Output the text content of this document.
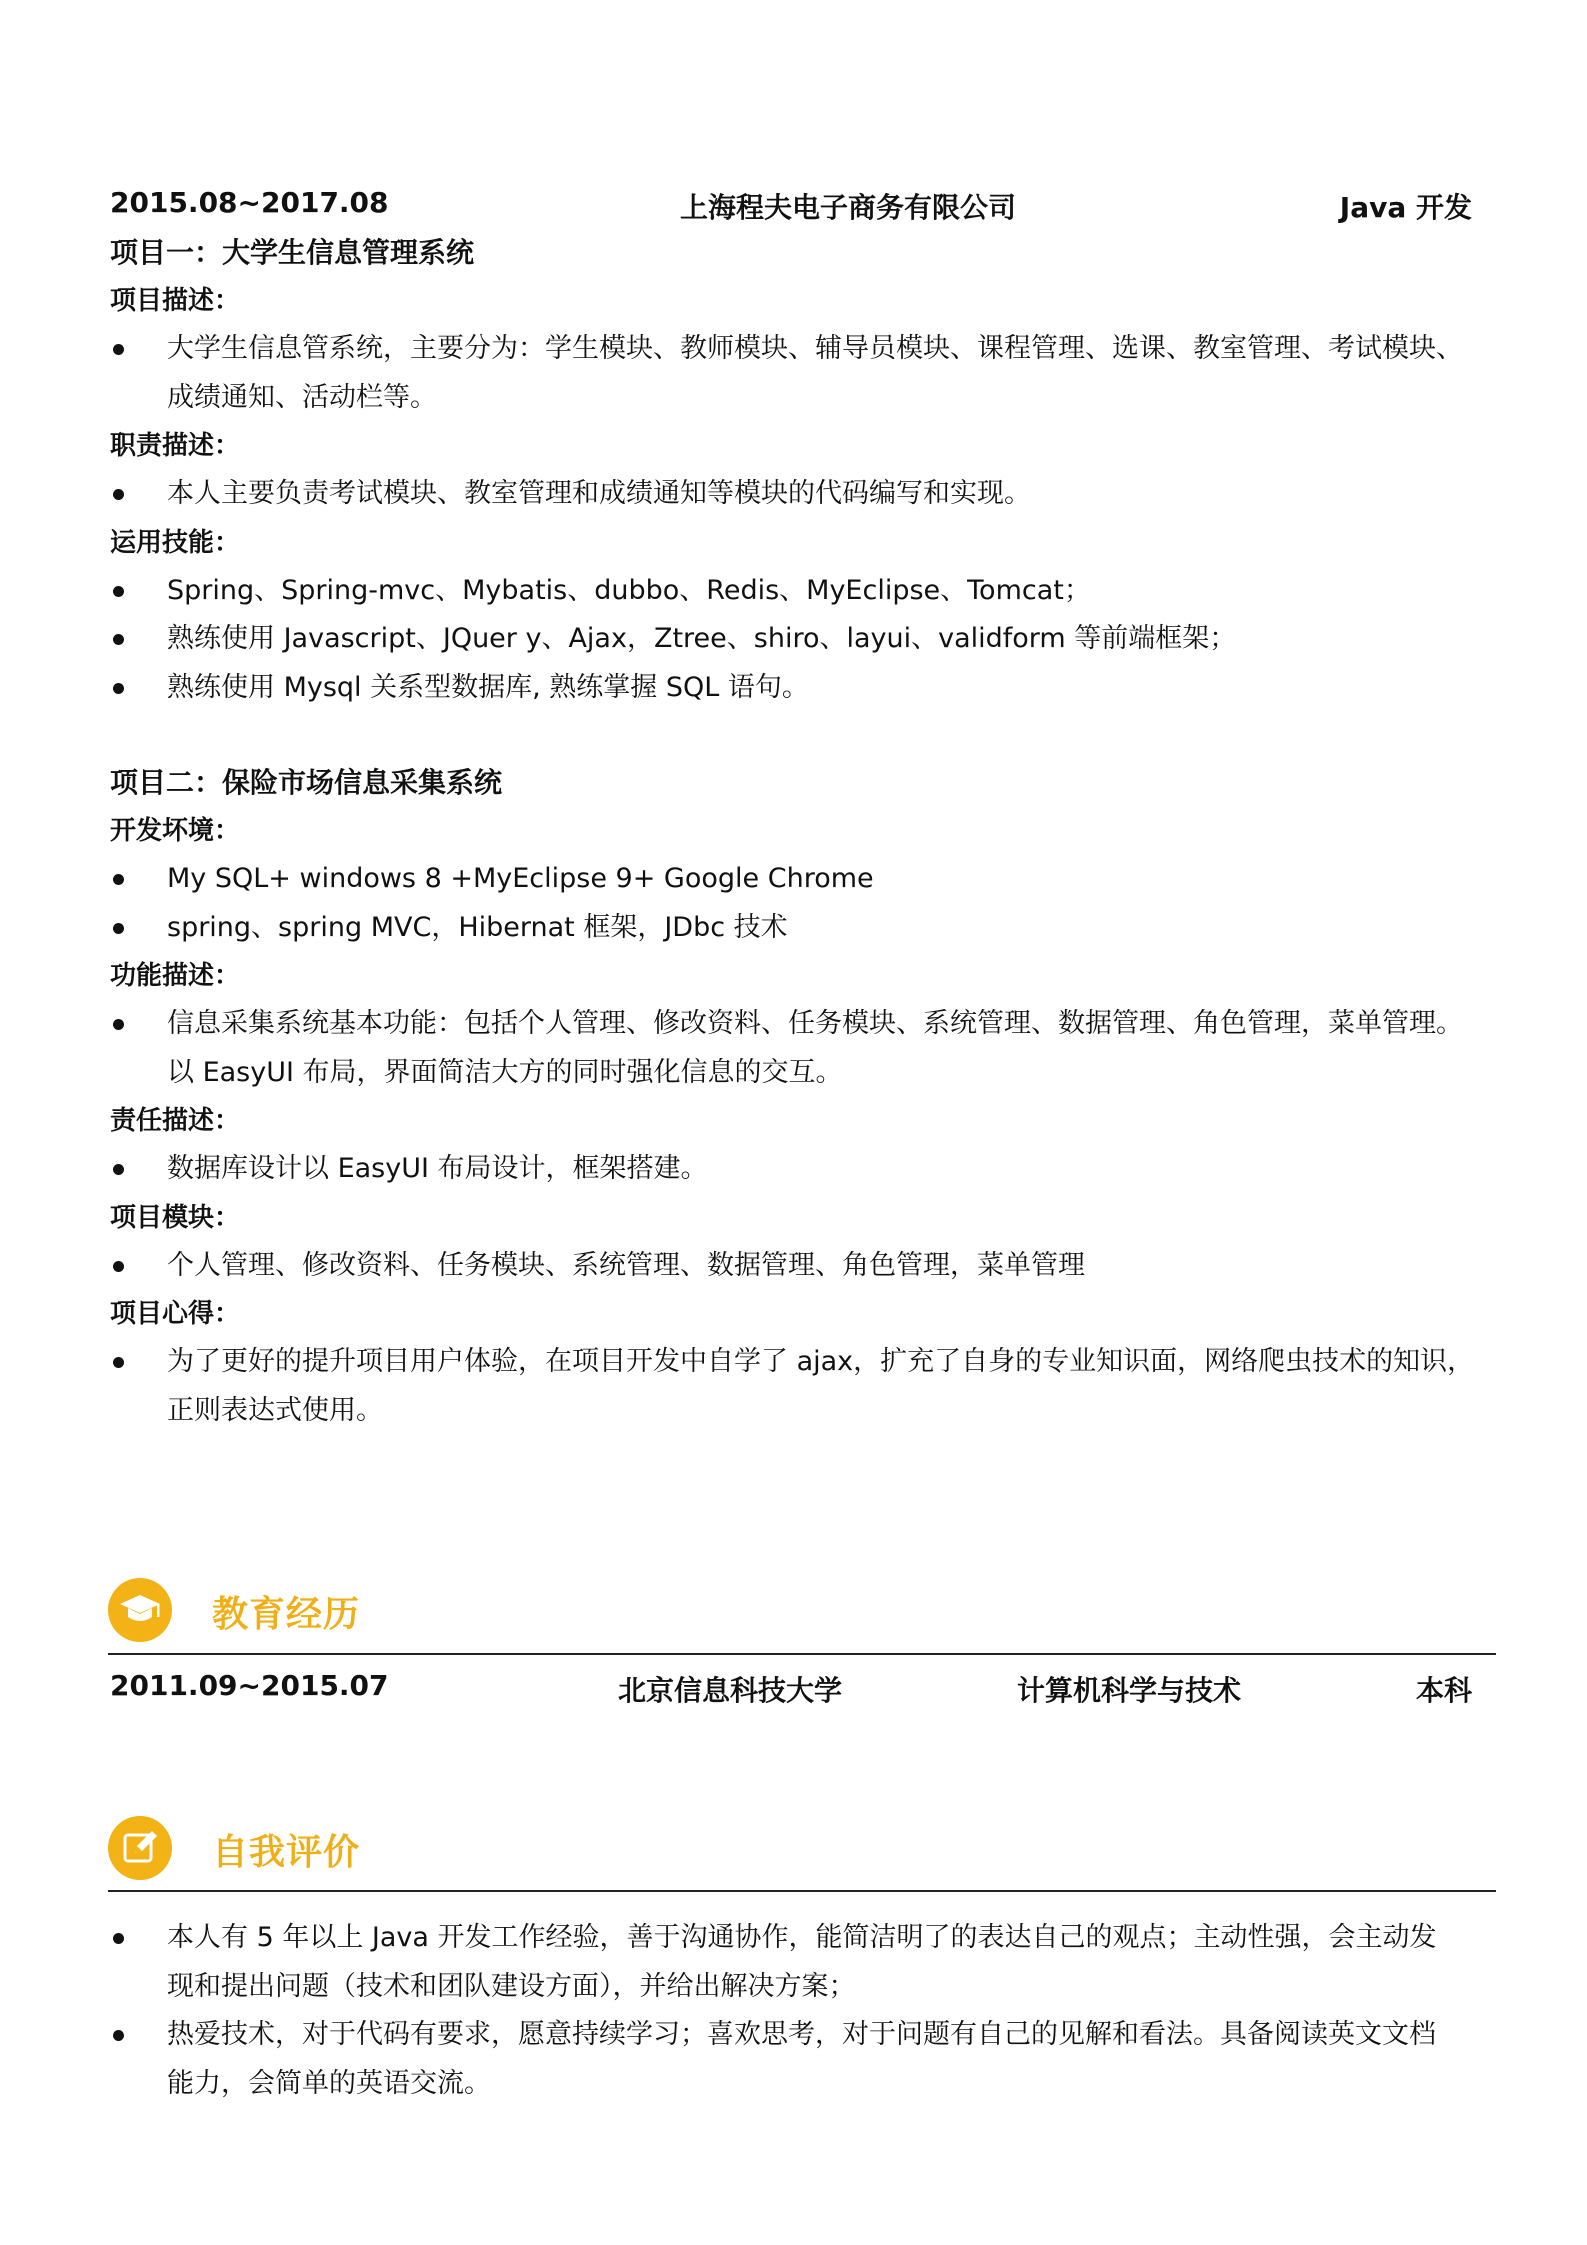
2015.08~2017.08	上海程夫电子商务有限公司	Java 开发
项目一：大学生信息管理系统
项目描述：
大学生信息管系统，主要分为：学生模块、教师模块、辅导员模块、课程管理、选课、教室管理、考试模块、
成绩通知、活动栏等。
职责描述：
本人主要负责考试模块、教室管理和成绩通知等模块的代码编写和实现。
运用技能：
Spring、Spring-mvc、Mybatis、dubbo、Redis、MyEclipse、Tomcat；
熟练使用 Javascript、JQuer y、Ajax，Ztree、shiro、layui、validform 等前端框架；
熟练使用 Mysql 关系型数据库, 熟练掌握 SQL 语句。
项目二：保险市场信息采集系统
开发坏境：
My SQL+ windows 8 +MyEclipse 9+ Google Chrome
spring、spring MVC，Hibernat 框架，JDbc 技术
功能描述：
信息采集系统基本功能：包括个人管理、修改资料、任务模块、系统管理、数据管理、角色管理，菜单管理。
以 EasyUI 布局，界面简洁大方的同时强化信息的交互。
责任描述：
数据库设计以 EasyUI 布局设计，框架搭建。
项目模块：
个人管理、修改资料、任务模块、系统管理、数据管理、角色管理，菜单管理
项目心得：
为了更好的提升项目用户体验，在项目开发中自学了 ajax，扩充了自身的专业知识面，网络爬虫技术的知识，
正则表达式使用。
教育经历
2011.09~2015.07	北京信息科技大学	计算机科学与技术	本科
自我评价
本人有 5 年以上 Java 开发工作经验，善于沟通协作，能简洁明了的表达自己的观点；主动性强，会主动发
现和提出问题（技术和团队建设方面），并给出解决方案；
热爱技术，对于代码有要求，愿意持续学习；喜欢思考，对于问题有自己的见解和看法。具备阅读英文文档
能力，会简单的英语交流。
